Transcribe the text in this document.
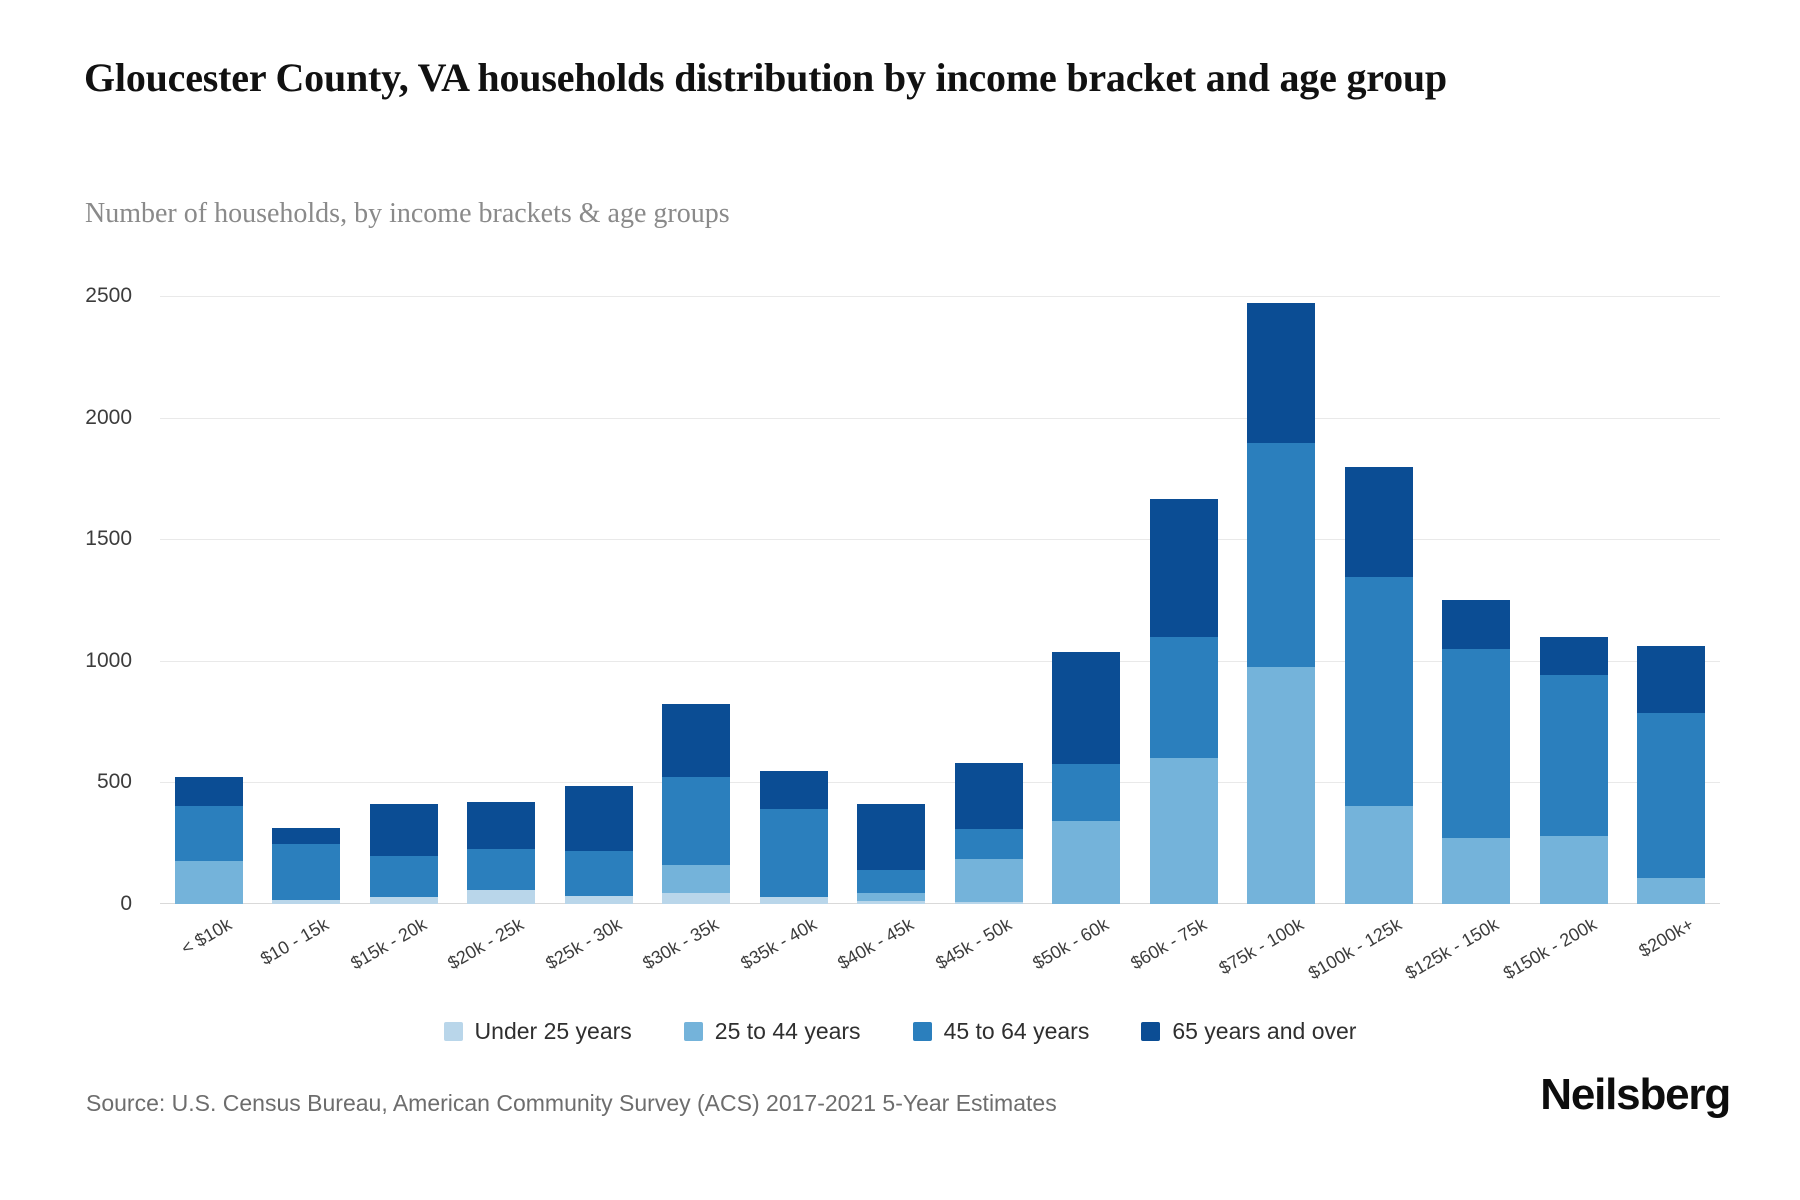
Gloucester County, VA households distribution by income bracket and age group
Number of households, by income brackets & age groups
0
500
1000
1500
2000
2500
< $10k $10 - 15k $15k - 20k $20k - 25k $25k - 30k $30k - 35k $35k - 40k $40k - 45k $45k - 50k $50k - 60k $60k - 75k $75k - 100k
$100k - 125k
$125k - 150k
$150k - 200k $200k+
Under 25 years	25 to 44 years	45 to 64 years	65 years and over
Source: U.S. Census Bureau, American Community Survey (ACS) 2017-2021 5-Year Estimates	Neilsberg
